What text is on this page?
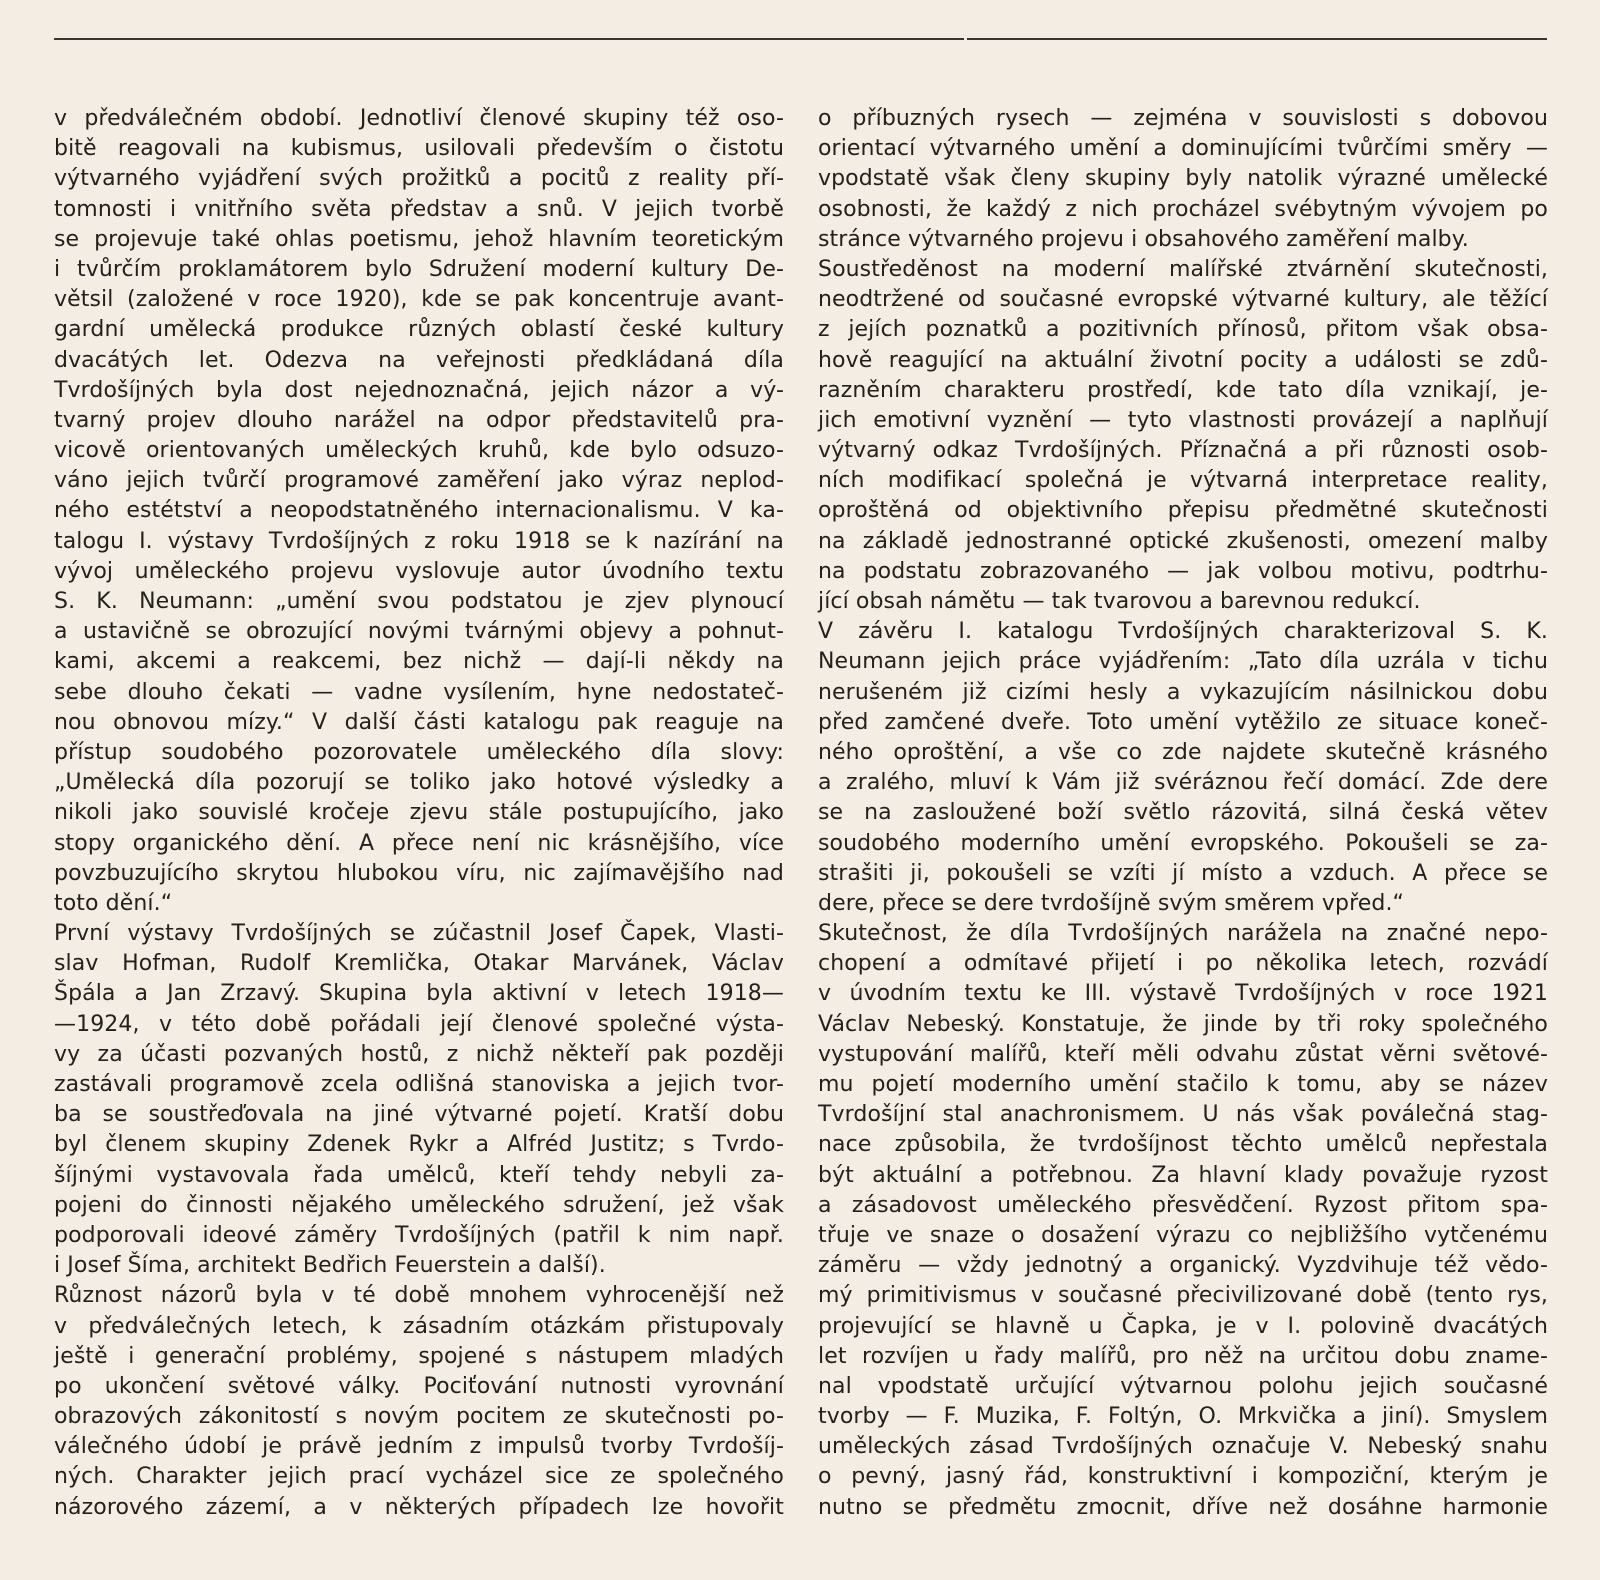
v předválečném období. Jednotliví členové skupiny též oso-
bitě reagovali na kubismus, usilovali především o čistotu
výtvarného vyjádření svých prožitků a pocitů z reality pří-
tomnosti i vnitřního světa představ a snů. V jejich tvorbě
se projevuje také ohlas poetismu, jehož hlavním teoretickým
i tvůrčím proklamátorem bylo Sdružení moderní kultury De-
větsil (založené v roce 1920), kde se pak koncentruje avant-
gardní umělecká produkce různých oblastí české kultury
dvacátých let. Odezva na veřejnosti předkládaná díla
Tvrdošíjných byla dost nejednoznačná, jejich názor a vý-
tvarný projev dlouho narážel na odpor představitelů pra-
vicově orientovaných uměleckých kruhů, kde bylo odsuzo-
váno jejich tvůrčí programové zaměření jako výraz neplod-
ného estétství a neopodstatněného internacionalismu. V ka-
talogu I. výstavy Tvrdošíjných z roku 1918 se k nazírání na
vývoj uměleckého projevu vyslovuje autor úvodního textu
S. K. Neumann: „umění svou podstatou je zjev plynoucí
a ustavičně se obrozující novými tvárnými objevy a pohnut-
kami, akcemi a reakcemi, bez nichž — dají-li někdy na
sebe dlouho čekati — vadne vysílením, hyne nedostateč-
nou obnovou mízy.“ V další části katalogu pak reaguje na
přístup soudobého pozorovatele uměleckého díla slovy:
„Umělecká díla pozorují se toliko jako hotové výsledky a
nikoli jako souvislé kročeje zjevu stále postupujícího, jako
stopy organického dění. A přece není nic krásnějšího, více
povzbuzujícího skrytou hlubokou víru, nic zajímavějšího nad
toto dění.“
První výstavy Tvrdošíjných se zúčastnil Josef Čapek, Vlasti-
slav Hofman, Rudolf Kremlička, Otakar Marvánek, Václav
Špála a Jan Zrzavý. Skupina byla aktivní v letech 1918—
—1924, v této době pořádali její členové společné výsta-
vy za účasti pozvaných hostů, z nichž někteří pak později
zastávali programově zcela odlišná stanoviska a jejich tvor-
ba se soustřeďovala na jiné výtvarné pojetí. Kratší dobu
byl členem skupiny Zdenek Rykr a Alfréd Justitz; s Tvrdo-
šíjnými vystavovala řada umělců, kteří tehdy nebyli za-
pojeni do činnosti nějakého uměleckého sdružení, jež však
podporovali ideové záměry Tvrdošíjných (patřil k nim např.
i Josef Šíma, architekt Bedřich Feuerstein a další).
Různost názorů byla v té době mnohem vyhrocenější než
v předválečných letech, k zásadním otázkám přistupovaly
ještě i generační problémy, spojené s nástupem mladých
po ukončení světové války. Pociťování nutnosti vyrovnání
obrazových zákonitostí s novým pocitem ze skutečnosti po-
válečného údobí je právě jedním z impulsů tvorby Tvrdošíj-
ných. Charakter jejich prací vycházel sice ze společného
názorového zázemí, a v některých případech lze hovořit
o příbuzných rysech — zejména v souvislosti s dobovou
orientací výtvarného umění a dominujícími tvůrčími směry —
vpodstatě však členy skupiny byly natolik výrazné umělecké
osobnosti, že každý z nich procházel svébytným vývojem po
stránce výtvarného projevu i obsahového zaměření malby.
Soustředěnost na moderní malířské ztvárnění skutečnosti,
neodtržené od současné evropské výtvarné kultury, ale těžící
z jejích poznatků a pozitivních přínosů, přitom však obsa-
hově reagující na aktuální životní pocity a události se zdů-
razněním charakteru prostředí, kde tato díla vznikají, je-
jich emotivní vyznění — tyto vlastnosti provázejí a naplňují
výtvarný odkaz Tvrdošíjných. Příznačná a při různosti osob-
ních modifikací společná je výtvarná interpretace reality,
oproštěná od objektivního přepisu předmětné skutečnosti
na základě jednostranné optické zkušenosti, omezení malby
na podstatu zobrazovaného — jak volbou motivu, podtrhu-
jící obsah námětu — tak tvarovou a barevnou redukcí.
V závěru I. katalogu Tvrdošíjných charakterizoval S. K.
Neumann jejich práce vyjádřením: „Tato díla uzrála v tichu
nerušeném již cizími hesly a vykazujícím násilnickou dobu
před zamčené dveře. Toto umění vytěžilo ze situace koneč-
ného oproštění, a vše co zde najdete skutečně krásného
a zralého, mluví k Vám již svéráznou řečí domácí. Zde dere
se na zasloužené boží světlo rázovitá, silná česká větev
soudobého moderního umění evropského. Pokoušeli se za-
strašiti ji, pokoušeli se vzíti jí místo a vzduch. A přece se
dere, přece se dere tvrdošíjně svým směrem vpřed.“
Skutečnost, že díla Tvrdošíjných narážela na značné nepo-
chopení a odmítavé přijetí i po několika letech, rozvádí
v úvodním textu ke III. výstavě Tvrdošíjných v roce 1921
Václav Nebeský. Konstatuje, že jinde by tři roky společného
vystupování malířů, kteří měli odvahu zůstat věrni světové-
mu pojetí moderního umění stačilo k tomu, aby se název
Tvrdošíjní stal anachronismem. U nás však poválečná stag-
nace způsobila, že tvrdošíjnost těchto umělců nepřestala
být aktuální a potřebnou. Za hlavní klady považuje ryzost
a zásadovost uměleckého přesvědčení. Ryzost přitom spa-
třuje ve snaze o dosažení výrazu co nejbližšího vytčenému
záměru — vždy jednotný a organický. Vyzdvihuje též vědo-
mý primitivismus v současné přecivilizované době (tento rys,
projevující se hlavně u Čapka, je v I. polovině dvacátých
let rozvíjen u řady malířů, pro něž na určitou dobu zname-
nal vpodstatě určující výtvarnou polohu jejich současné
tvorby — F. Muzika, F. Foltýn, O. Mrkvička a jiní). Smyslem
uměleckých zásad Tvrdošíjných označuje V. Nebeský snahu
o pevný, jasný řád, konstruktivní i kompoziční, kterým je
nutno se předmětu zmocnit, dříve než dosáhne harmonie
